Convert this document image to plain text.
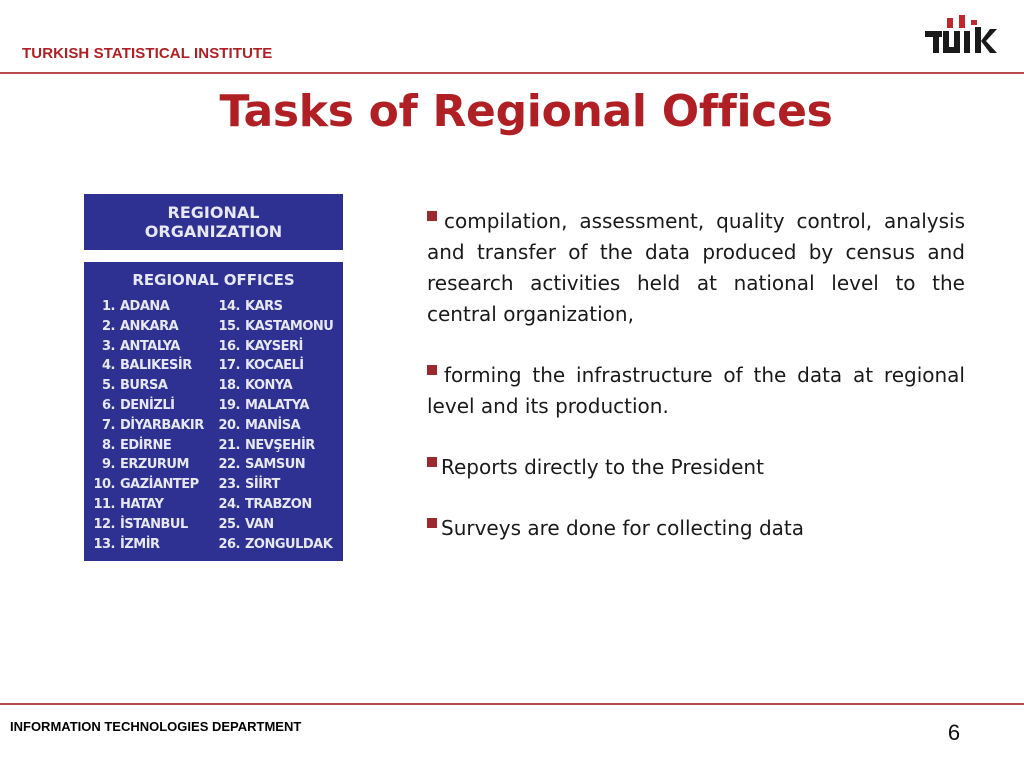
TURKISH STATISTICAL INSTITUTE
Tasks of Regional Offices
REGIONAL
ORGANIZATION
REGIONAL OFFICES
1. ADANA
2. ANKARA
3. ANTALYA
4. BALIKESİR
5. BURSA
6. DENİZLİ
7. DİYARBAKIR
8. EDİRNE
9. ERZURUM
10. GAZİANTEP
11. HATAY
12. İSTANBUL
13. İZMİR
14. KARS
15. KASTAMONU
16. KAYSERİ
17. KOCAELİ
18. KONYA
19. MALATYA
20. MANİSA
21. NEVŞEHİR
22. SAMSUN
23. SİİRT
24. TRABZON
25. VAN
26. ZONGULDAK

compilation, assessment, quality control, analysis and transfer of the data produced by census and research activities held at national level to the central organization,

forming the infrastructure of the data at regional level and its production.

Reports directly to the President

Surveys are done for collecting data

INFORMATION TECHNOLOGIES DEPARTMENT	6
